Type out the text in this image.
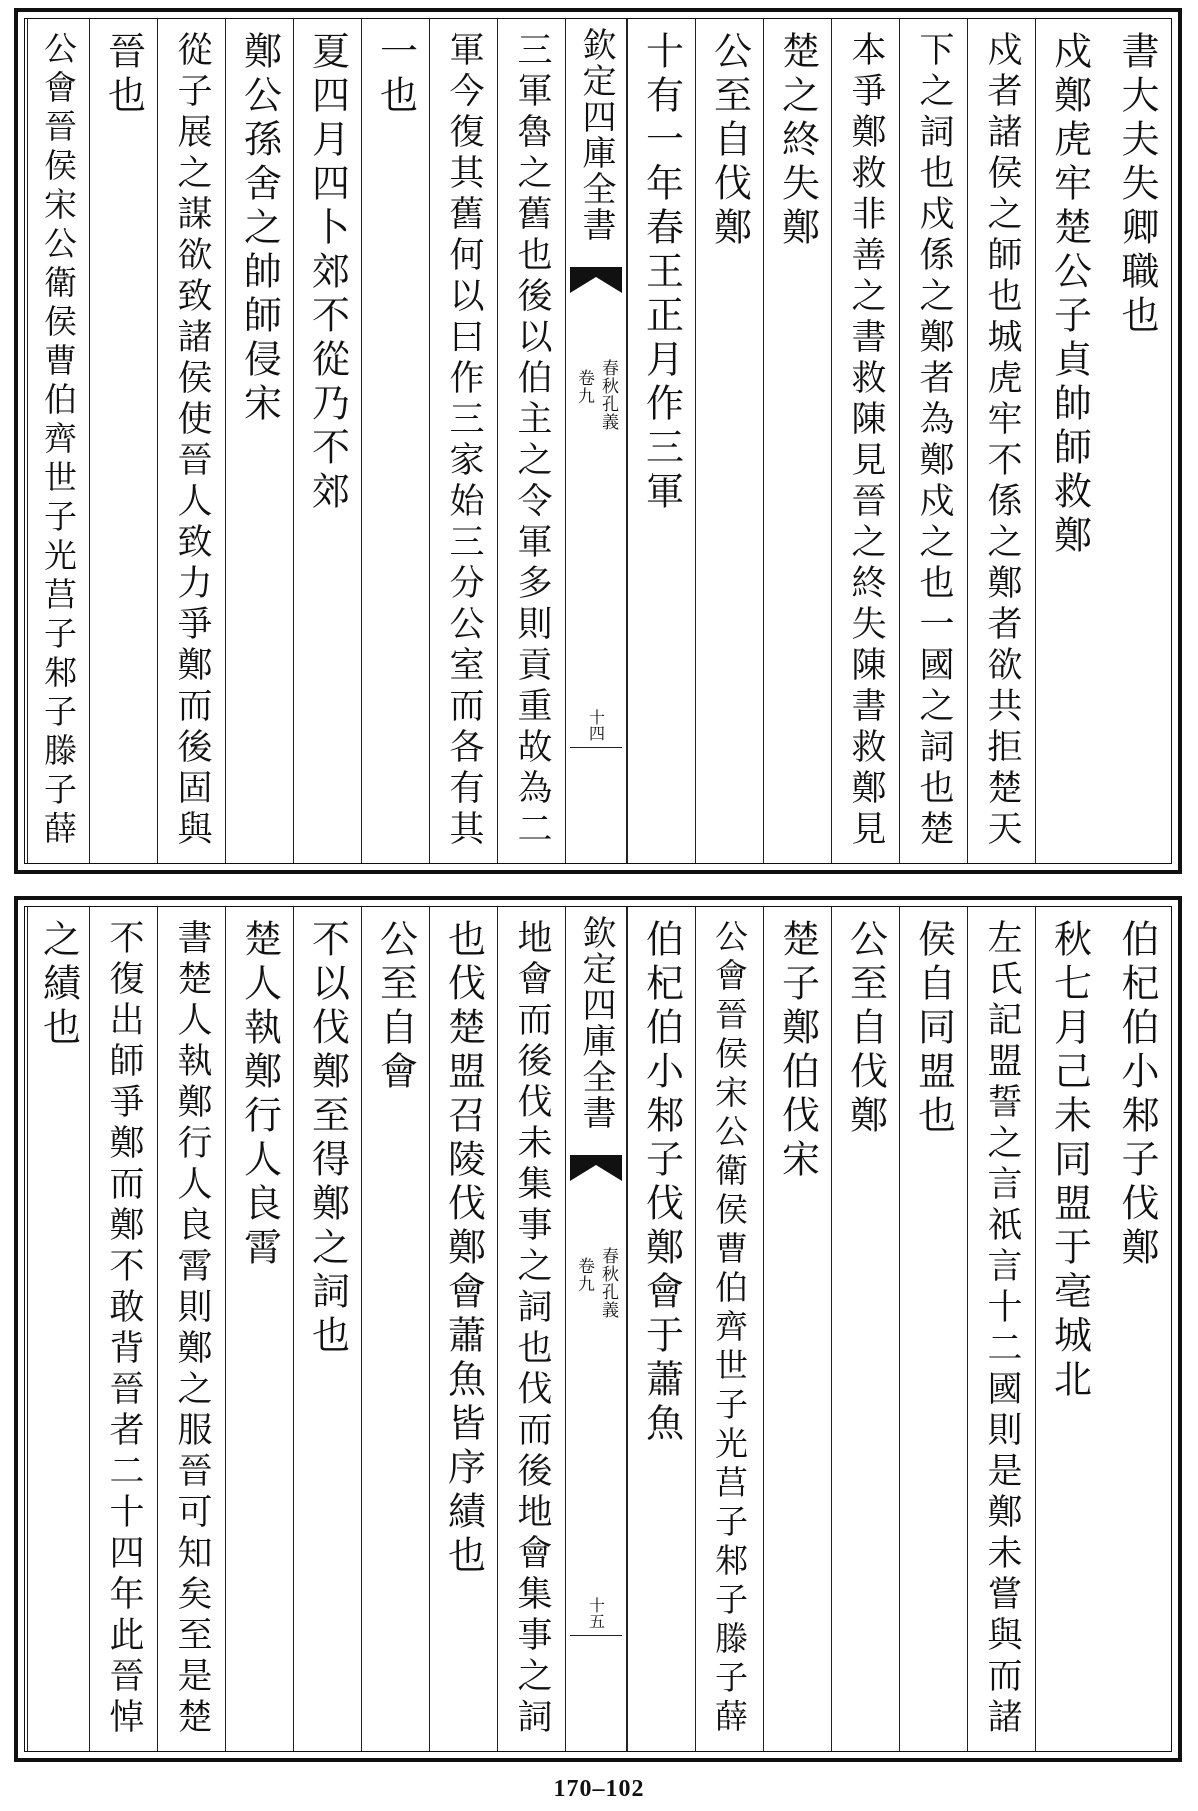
書大夫失卿職也
戍鄭虎牢楚公子貞帥師救鄭
戍者諸侯之師也城虎牢不係之鄭者欲共拒楚天
下之詞也戍係之鄭者為鄭戍之也一國之詞也楚
本爭鄭救非善之書救陳見晉之終失陳書救鄭見
楚之終失鄭
公至自伐鄭
十有一年春王正月作三軍
欽定四庫全書
春秋孔義
卷九
十四
三軍魯之舊也後以伯主之令軍多則貢重故為二
軍今復其舊何以曰作三家始三分公室而各有其
一也
夏四月四卜郊不從乃不郊
鄭公孫舍之帥師侵宋
從子展之謀欲致諸侯使晉人致力爭鄭而後固與
晉也
公會晉侯宋公衛侯曹伯齊世子光莒子邾子滕子薛
伯杞伯小邾子伐鄭
秋七月己未同盟于亳城北
左氏記盟誓之言祇言十二國則是鄭未嘗與而諸
侯自同盟也
公至自伐鄭
楚子鄭伯伐宋
公會晉侯宋公衛侯曹伯齊世子光莒子邾子滕子薛
伯杞伯小邾子伐鄭會于蕭魚
欽定四庫全書
春秋孔義
卷九
十五
地會而後伐未集事之詞也伐而後地會集事之詞
也伐楚盟召陵伐鄭會蕭魚皆序績也
公至自會
不以伐鄭至得鄭之詞也
楚人執鄭行人良霄
書楚人執鄭行人良霄則鄭之服晉可知矣至是楚
不復出師爭鄭而鄭不敢背晉者二十四年此晉悼
之績也
170–102
